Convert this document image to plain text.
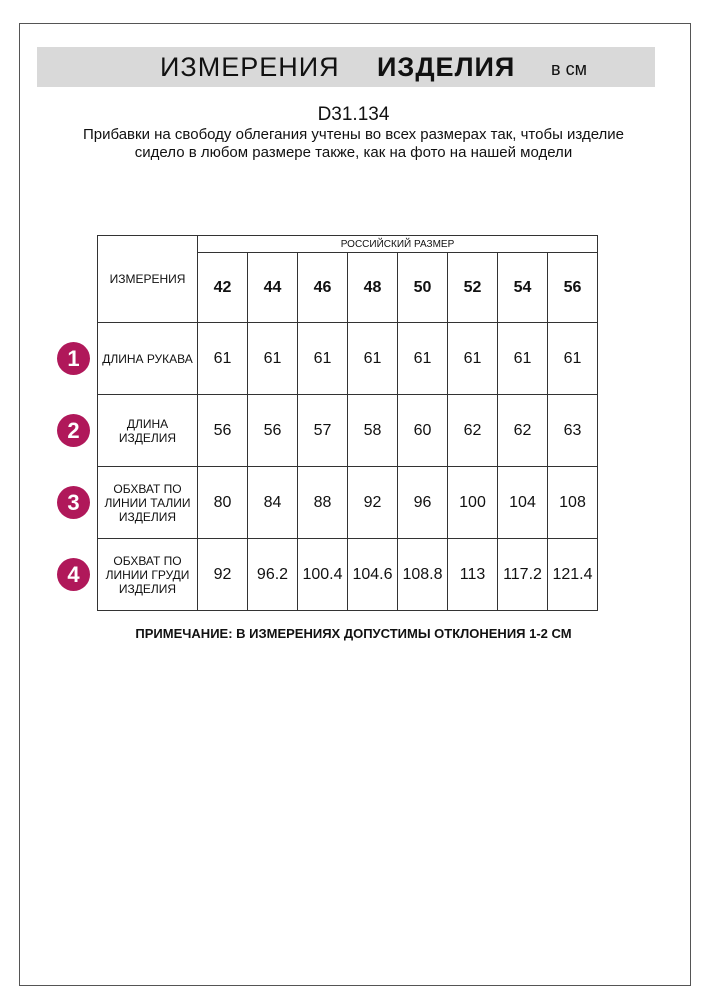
ИЗМЕРЕНИЯ ИЗДЕЛИЯ в см
D31.134
Прибавки на свободу облегания учтены во всех размерах так, чтобы изделие сидело в любом размере также, как на фото на нашей модели
ИЗМЕРЕНИЯ	РОССИЙСКИЙ РАЗМЕР							
	42	44	46	48	50	52	54	56
ДЛИНА РУКАВА	61	61	61	61	61	61	61	61
ДЛИНА ИЗДЕЛИЯ	56	56	57	58	60	62	62	63
ОБХВАТ ПО ЛИНИИ ТАЛИИ ИЗДЕЛИЯ	80	84	88	92	96	100	104	108
ОБХВАТ ПО ЛИНИИ ГРУДИ ИЗДЕЛИЯ	92	96.2	100.4	104.6	108.8	113	117.2	121.4
1
2
3
4
ПРИМЕЧАНИЕ: В ИЗМЕРЕНИЯХ ДОПУСТИМЫ ОТКЛОНЕНИЯ 1-2 СМ
